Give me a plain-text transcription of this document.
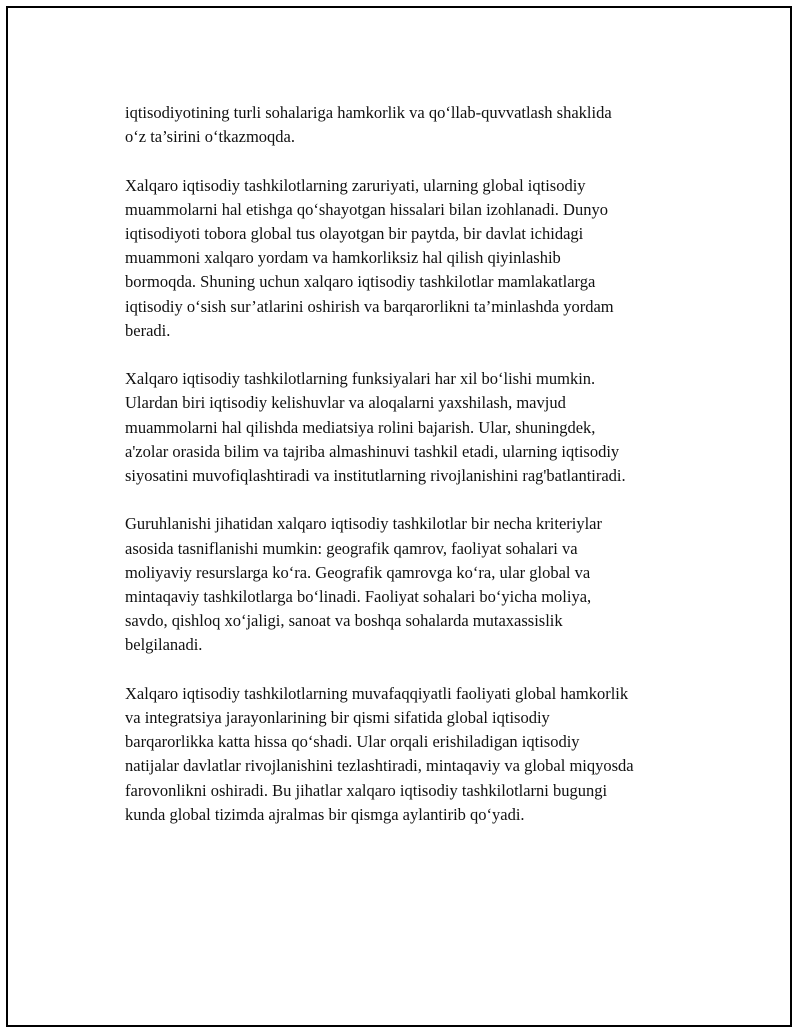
iqtisodiyotining turli sohalariga hamkorlik va qo‘llab-quvvatlash shaklida
o‘z ta’sirini o‘tkazmoqda.

Xalqaro iqtisodiy tashkilotlarning zaruriyati, ularning global iqtisodiy
muammolarni hal etishga qo‘shayotgan hissalari bilan izohlanadi. Dunyo
iqtisodiyoti tobora global tus olayotgan bir paytda, bir davlat ichidagi
muammoni xalqaro yordam va hamkorliksiz hal qilish qiyinlashib
bormoqda. Shuning uchun xalqaro iqtisodiy tashkilotlar mamlakatlarga
iqtisodiy o‘sish sur’atlarini oshirish va barqarorlikni ta’minlashda yordam
beradi.

Xalqaro iqtisodiy tashkilotlarning funksiyalari har xil bo‘lishi mumkin.
Ulardan biri iqtisodiy kelishuvlar va aloqalarni yaxshilash, mavjud
muammolarni hal qilishda mediatsiya rolini bajarish. Ular, shuningdek,
a'zolar orasida bilim va tajriba almashinuvi tashkil etadi, ularning iqtisodiy
siyosatini muvofiqlashtiradi va institutlarning rivojlanishini rag'batlantiradi.

Guruhlanishi jihatidan xalqaro iqtisodiy tashkilotlar bir necha kriteriylar
asosida tasniflanishi mumkin: geografik qamrov, faoliyat sohalari va
moliyaviy resurslarga ko‘ra. Geografik qamrovga ko‘ra, ular global va
mintaqaviy tashkilotlarga bo‘linadi. Faoliyat sohalari bo‘yicha moliya,
savdo, qishloq xo‘jaligi, sanoat va boshqa sohalarda mutaxassislik
belgilanadi.

Xalqaro iqtisodiy tashkilotlarning muvafaqqiyatli faoliyati global hamkorlik
va integratsiya jarayonlarining bir qismi sifatida global iqtisodiy
barqarorlikka katta hissa qo‘shadi. Ular orqali erishiladigan iqtisodiy
natijalar davlatlar rivojlanishini tezlashtiradi, mintaqaviy va global miqyosda
farovonlikni oshiradi. Bu jihatlar xalqaro iqtisodiy tashkilotlarni bugungi
kunda global tizimda ajralmas bir qismga aylantirib qo‘yadi.
